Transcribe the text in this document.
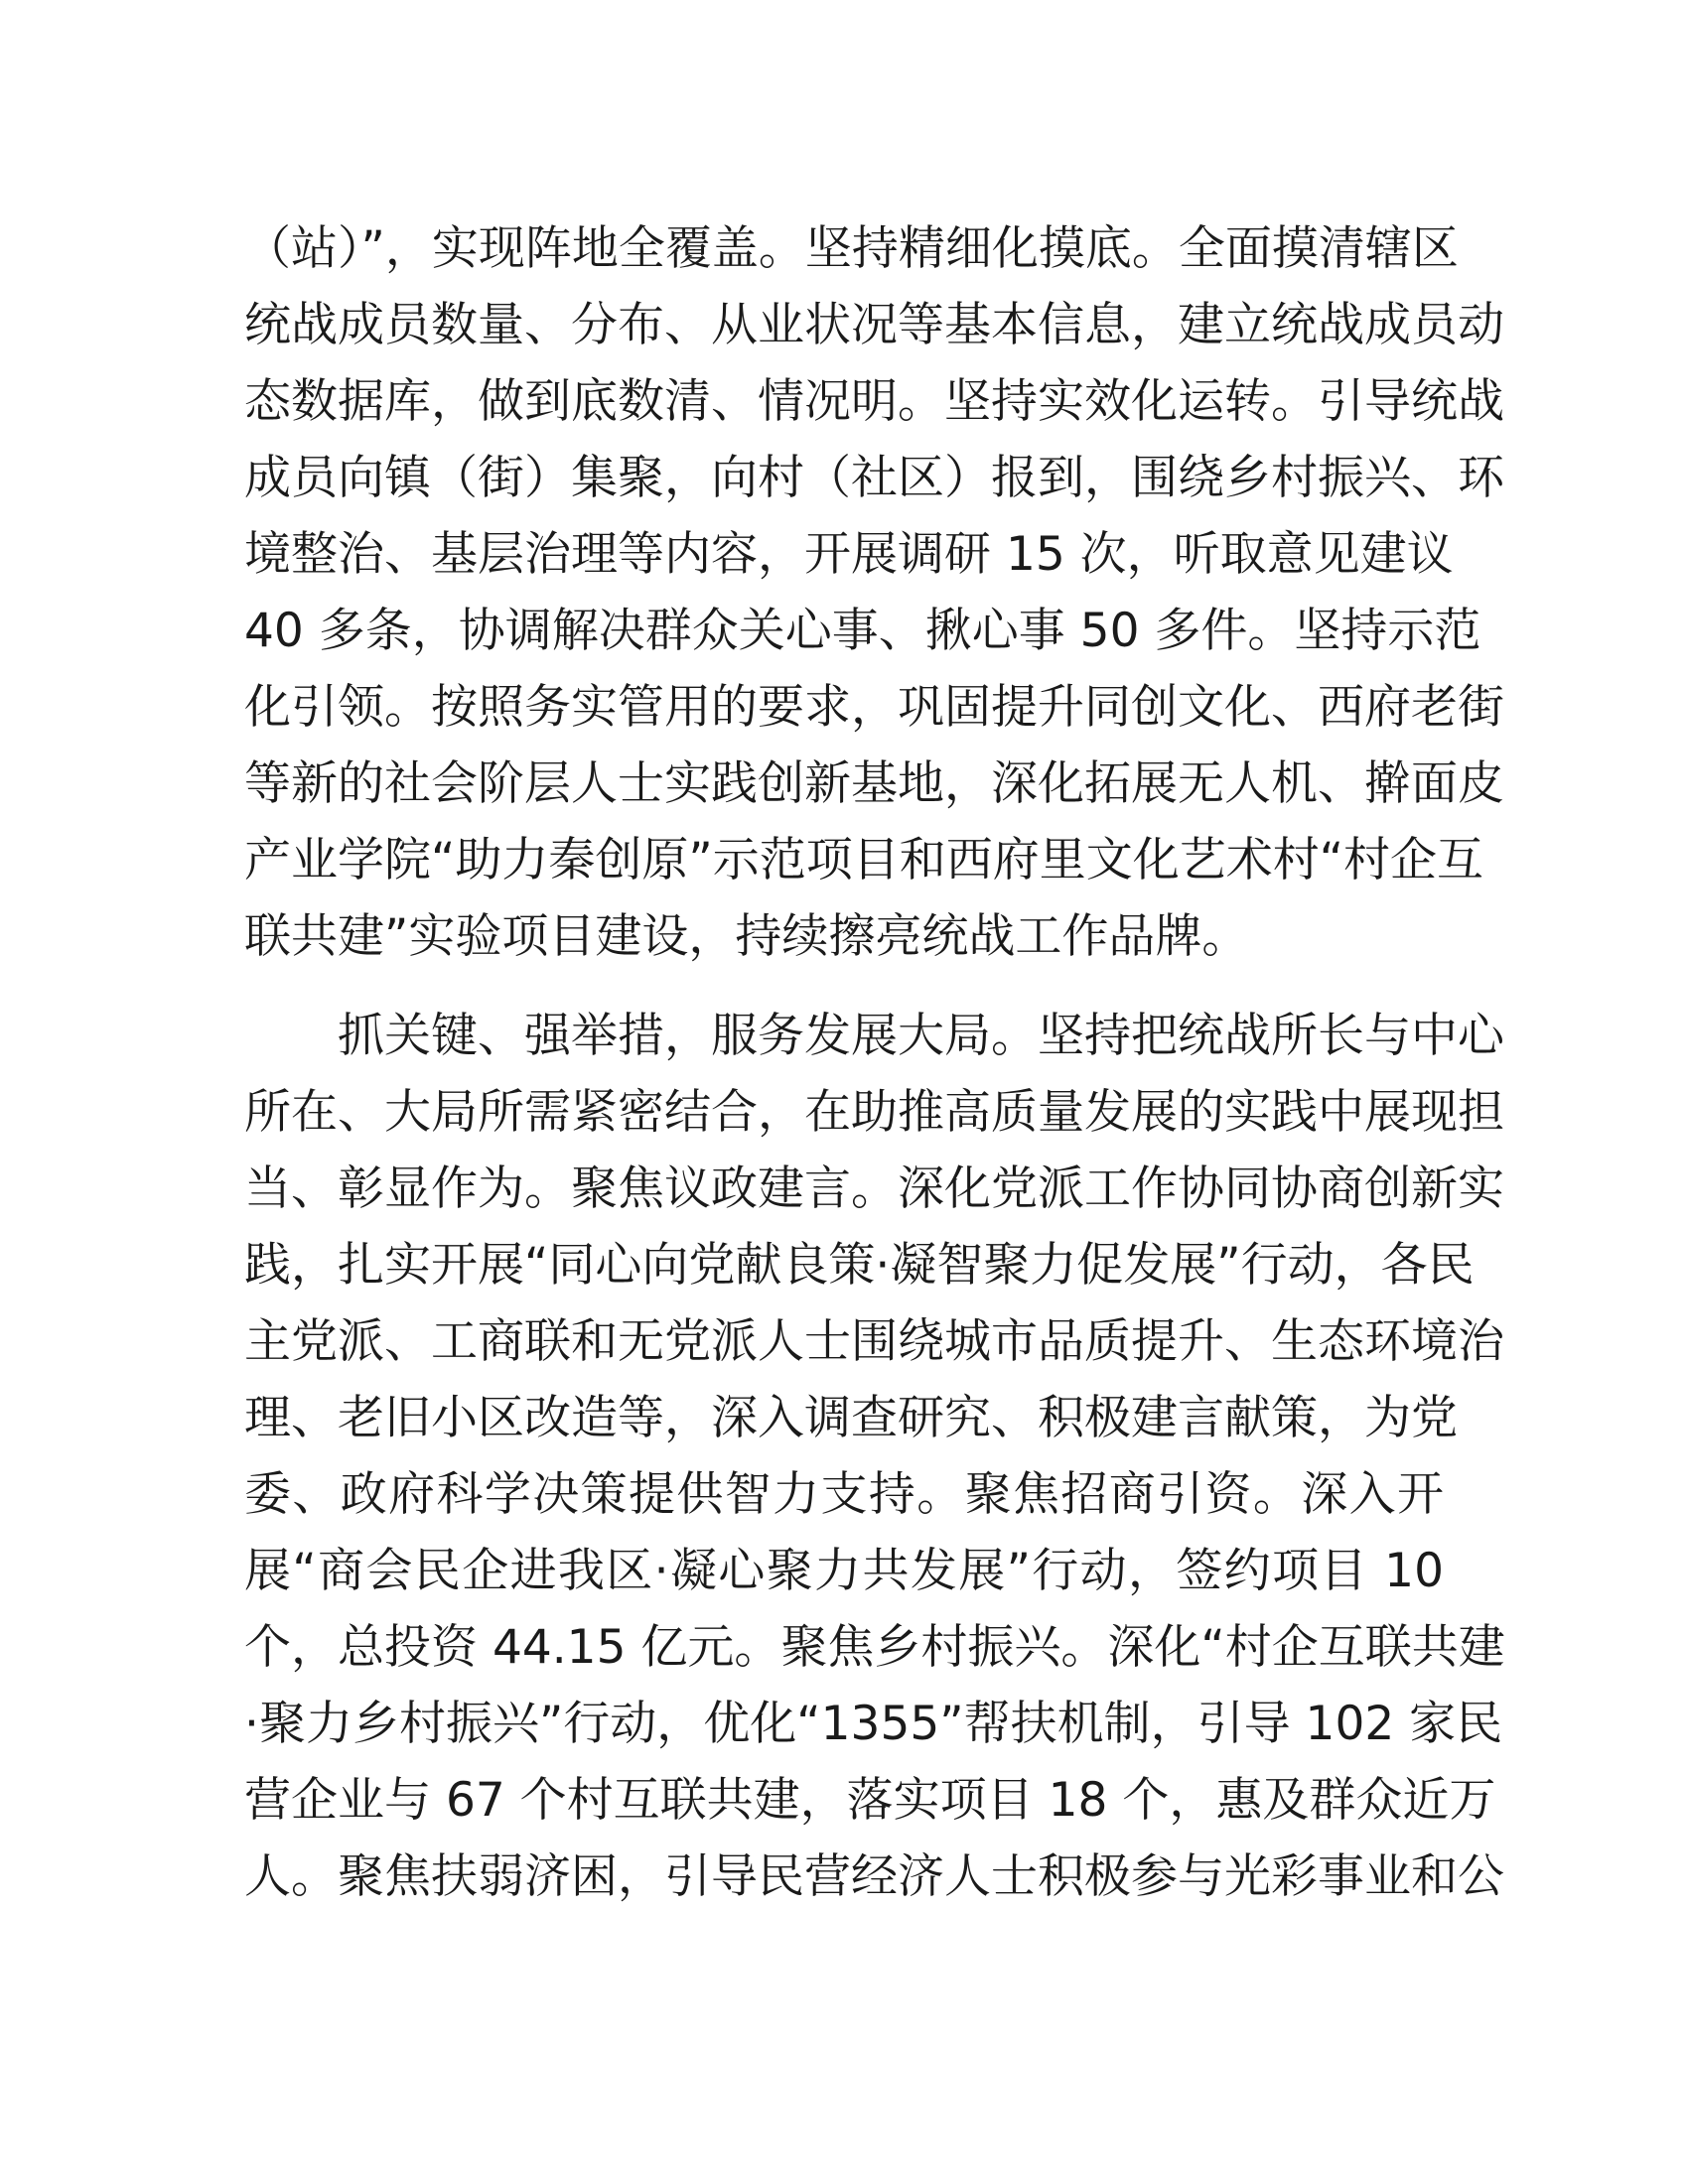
（站）”，实现阵地全覆盖。坚持精细化摸底。全面摸清辖区
统战成员数量、分布、从业状况等基本信息，建立统战成员动
态数据库，做到底数清、情况明。坚持实效化运转。引导统战
成员向镇（街）集聚，向村（社区）报到，围绕乡村振兴、环
境整治、基层治理等内容，开展调研 15 次，听取意见建议
40 多条，协调解决群众关心事、揪心事 50 多件。坚持示范
化引领。按照务实管用的要求，巩固提升同创文化、西府老街
等新的社会阶层人士实践创新基地，深化拓展无人机、擀面皮
产业学院“助力秦创原”示范项目和西府里文化艺术村“村企互
联共建”实验项目建设，持续擦亮统战工作品牌。
抓关键、强举措，服务发展大局。坚持把统战所长与中心
所在、大局所需紧密结合，在助推高质量发展的实践中展现担
当、彰显作为。聚焦议政建言。深化党派工作协同协商创新实
践，扎实开展“同心向党献良策·凝智聚力促发展”行动，各民
主党派、工商联和无党派人士围绕城市品质提升、生态环境治
理、老旧小区改造等，深入调查研究、积极建言献策，为党
委、政府科学决策提供智力支持。聚焦招商引资。深入开
展“商会民企进我区·凝心聚力共发展”行动，签约项目 10
个，总投资 44.15 亿元。聚焦乡村振兴。深化“村企互联共建
·聚力乡村振兴”行动，优化“1355”帮扶机制，引导 102 家民
营企业与 67 个村互联共建，落实项目 18 个，惠及群众近万
人。聚焦扶弱济困，引导民营经济人士积极参与光彩事业和公
